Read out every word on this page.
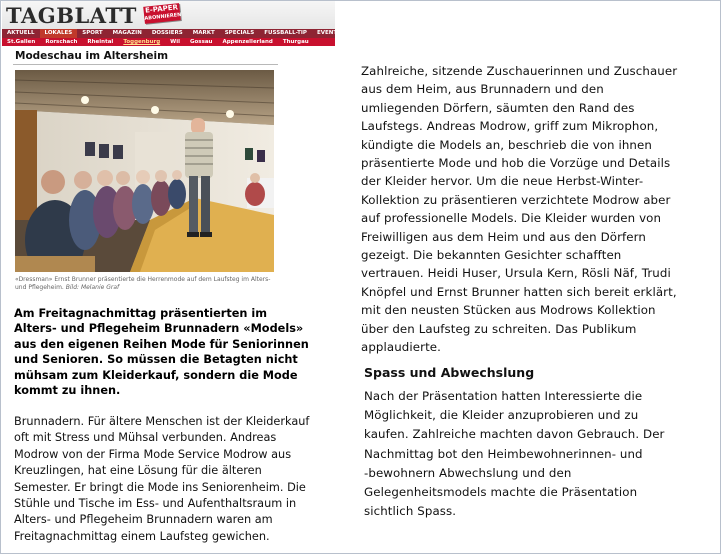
TAGBLATT E-PAPER
ABONNIEREN
AKTUELL	LOKALES	SPORT	MAGAZIN	DOSSIERS	MARKT	SPECIALS	FUSSBALL-TIP	EVENTS
St.Gallen	Rorschach	Rheintal	Toggenburg	Wil	Gossau	Appenzellerland	Thurgau
Modeschau im Altersheim
«Dressman» Ernst Brunner präsentierte die Herrenmode auf dem Laufsteg im Alters- und Pflegeheim. Bild: Melanie Graf
Am Freitagnachmittag präsentierten im
Alters- und Pflegeheim Brunnadern «Models»
aus den eigenen Reihen Mode für Seniorinnen
und Senioren. So müssen die Betagten nicht
mühsam zum Kleiderkauf, sondern die Mode
kommt zu ihnen.
Brunnadern. Für ältere Menschen ist der Kleiderkauf
oft mit Stress und Mühsal verbunden. Andreas
Modrow von der Firma Mode Service Modrow aus
Kreuzlingen, hat eine Lösung für die älteren
Semester. Er bringt die Mode ins Seniorenheim. Die
Stühle und Tische im Ess- und Aufenthaltsraum in
Alters- und Pflegeheim Brunnadern waren am
Freitagnachmittag einem Laufsteg gewichen.
Zahlreiche, sitzende Zuschauerinnen und Zuschauer
aus dem Heim, aus Brunnadern und den
umliegenden Dörfern, säumten den Rand des
Laufstegs. Andreas Modrow, griff zum Mikrophon,
kündigte die Models an, beschrieb die von ihnen
präsentierte Mode und hob die Vorzüge und Details
der Kleider hervor. Um die neue Herbst-Winter-
Kollektion zu präsentieren verzichtete Modrow aber
auf professionelle Models. Die Kleider wurden von
Freiwilligen aus dem Heim und aus den Dörfern
gezeigt. Die bekannten Gesichter schafften
vertrauen. Heidi Huser, Ursula Kern, Rösli Näf, Trudi
Knöpfel und Ernst Brunner hatten sich bereit erklärt,
mit den neusten Stücken aus Modrows Kollektion
über den Laufsteg zu schreiten. Das Publikum
applaudierte.
Spass und Abwechslung
Nach der Präsentation hatten Interessierte die
Möglichkeit, die Kleider anzuprobieren und zu
kaufen. Zahlreiche machten davon Gebrauch. Der
Nachmittag bot den Heimbewohnerinnen- und
-bewohnern Abwechslung und den
Gelegenheitsmodels machte die Präsentation
sichtlich Spass.
